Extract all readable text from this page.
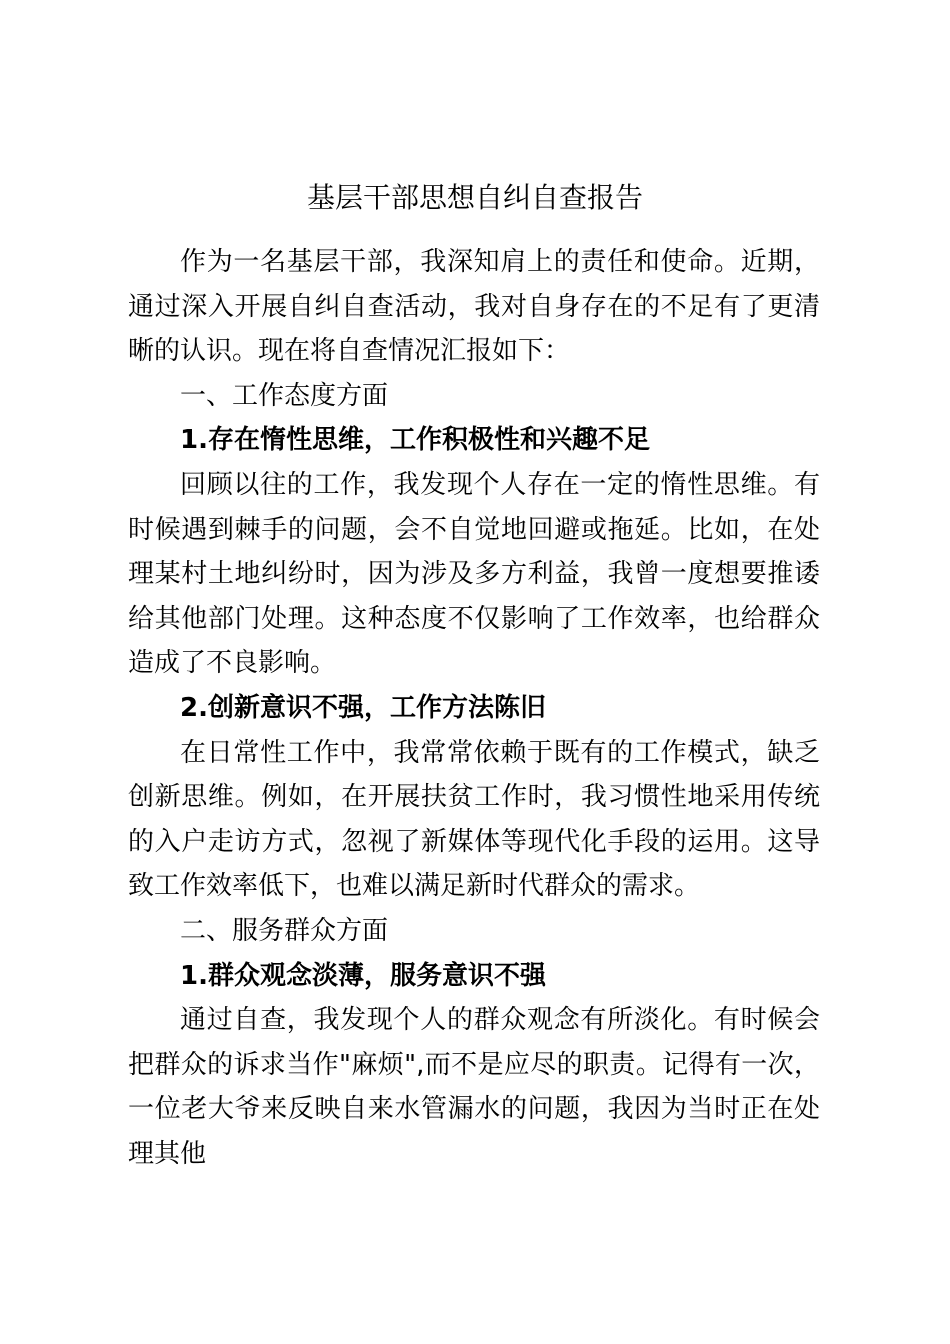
基层干部思想自纠自查报告

作为一名基层干部，我深知肩上的责任和使命。近期，通过深入开展自纠自查活动，我对自身存在的不足有了更清晰的认识。现在将自查情况汇报如下：

一、工作态度方面

1.存在惰性思维，工作积极性和兴趣不足

回顾以往的工作，我发现个人存在一定的惰性思维。有时候遇到棘手的问题，会不自觉地回避或拖延。比如，在处理某村土地纠纷时，因为涉及多方利益，我曾一度想要推诿给其他部门处理。这种态度不仅影响了工作效率，也给群众造成了不良影响。

2.创新意识不强，工作方法陈旧

在日常性工作中，我常常依赖于既有的工作模式，缺乏创新思维。例如，在开展扶贫工作时，我习惯性地采用传统的入户走访方式，忽视了新媒体等现代化手段的运用。这导致工作效率低下，也难以满足新时代群众的需求。

二、服务群众方面

1.群众观念淡薄，服务意识不强

通过自查，我发现个人的群众观念有所淡化。有时候会把群众的诉求当作"麻烦",而不是应尽的职责。记得有一次，一位老大爷来反映自来水管漏水的问题，我因为当时正在处理其他
